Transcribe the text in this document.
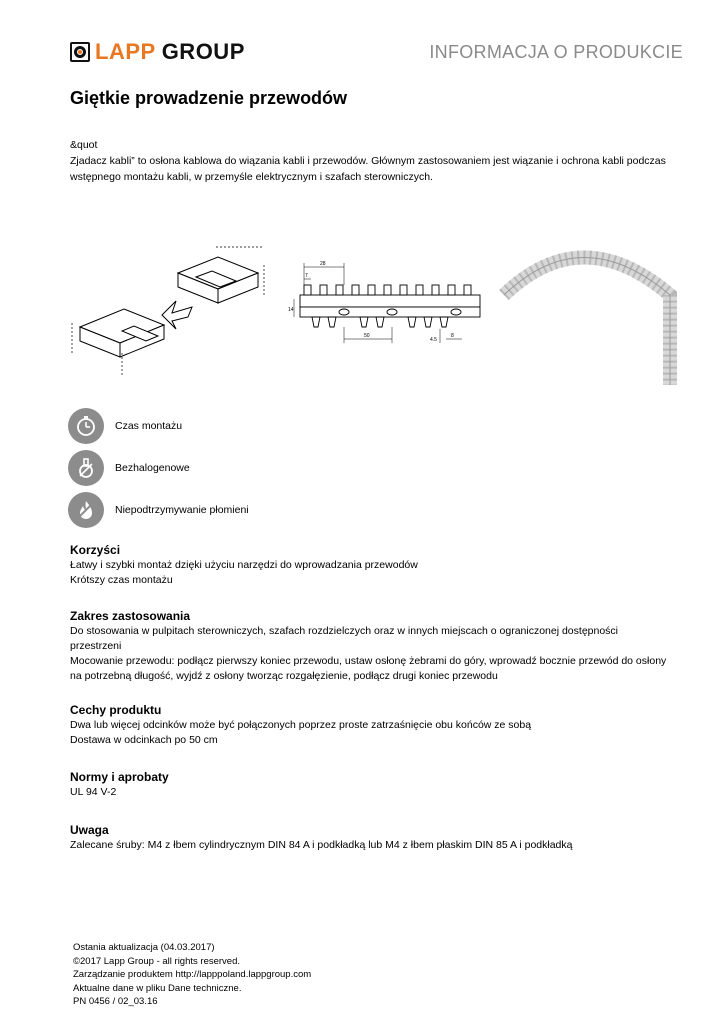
LAPP GROUP	INFORMACJA O PRODUKCIE
Giętkie prowadzenie przewodów
&quot
Zjadacz kabli” to osłona kablowa do wiązania kabli i przewodów. Głównym zastosowaniem jest wiązanie i ochrona kabli podczas wstępnego montażu kabli, w przemyśle elektrycznym i szafach sterowniczych.
28
7
50
14
4.5
8
Czas montażu
Bezhalogenowe
Niepodtrzymywanie płomieni
Korzyści

Łatwy i szybki montaż dzięki użyciu narzędzi do wprowadzania przewodów

Krótszy czas montażu

Zakres zastosowania

Do stosowania w pulpitach sterowniczych, szafach rozdzielczych oraz w innych miejscach o ograniczonej dostępności przestrzeni

Mocowanie przewodu: podłącz pierwszy koniec przewodu, ustaw osłonę żebrami do góry, wprowadź bocznie przewód do osłony na potrzebną długość, wyjdź z osłony tworząc rozgałęzienie, podłącz drugi koniec przewodu

Cechy produktu

Dwa lub więcej odcinków może być połączonych poprzez proste zatrzaśnięcie obu końców ze sobą

Dostawa w odcinkach po 50 cm

Normy i aprobaty

UL 94 V-2

Uwaga

Zalecane śruby: M4 z łbem cylindrycznym DIN 84 A i podkładką lub M4 z łbem płaskim DIN 85 A i podkładką

Ostania aktualizacja (04.03.2017)
©2017 Lapp Group - all rights reserved.
Zarządzanie produktem http://lapppoland.lappgroup.com
Aktualne dane w pliku Dane techniczne.
PN 0456 / 02_03.16
